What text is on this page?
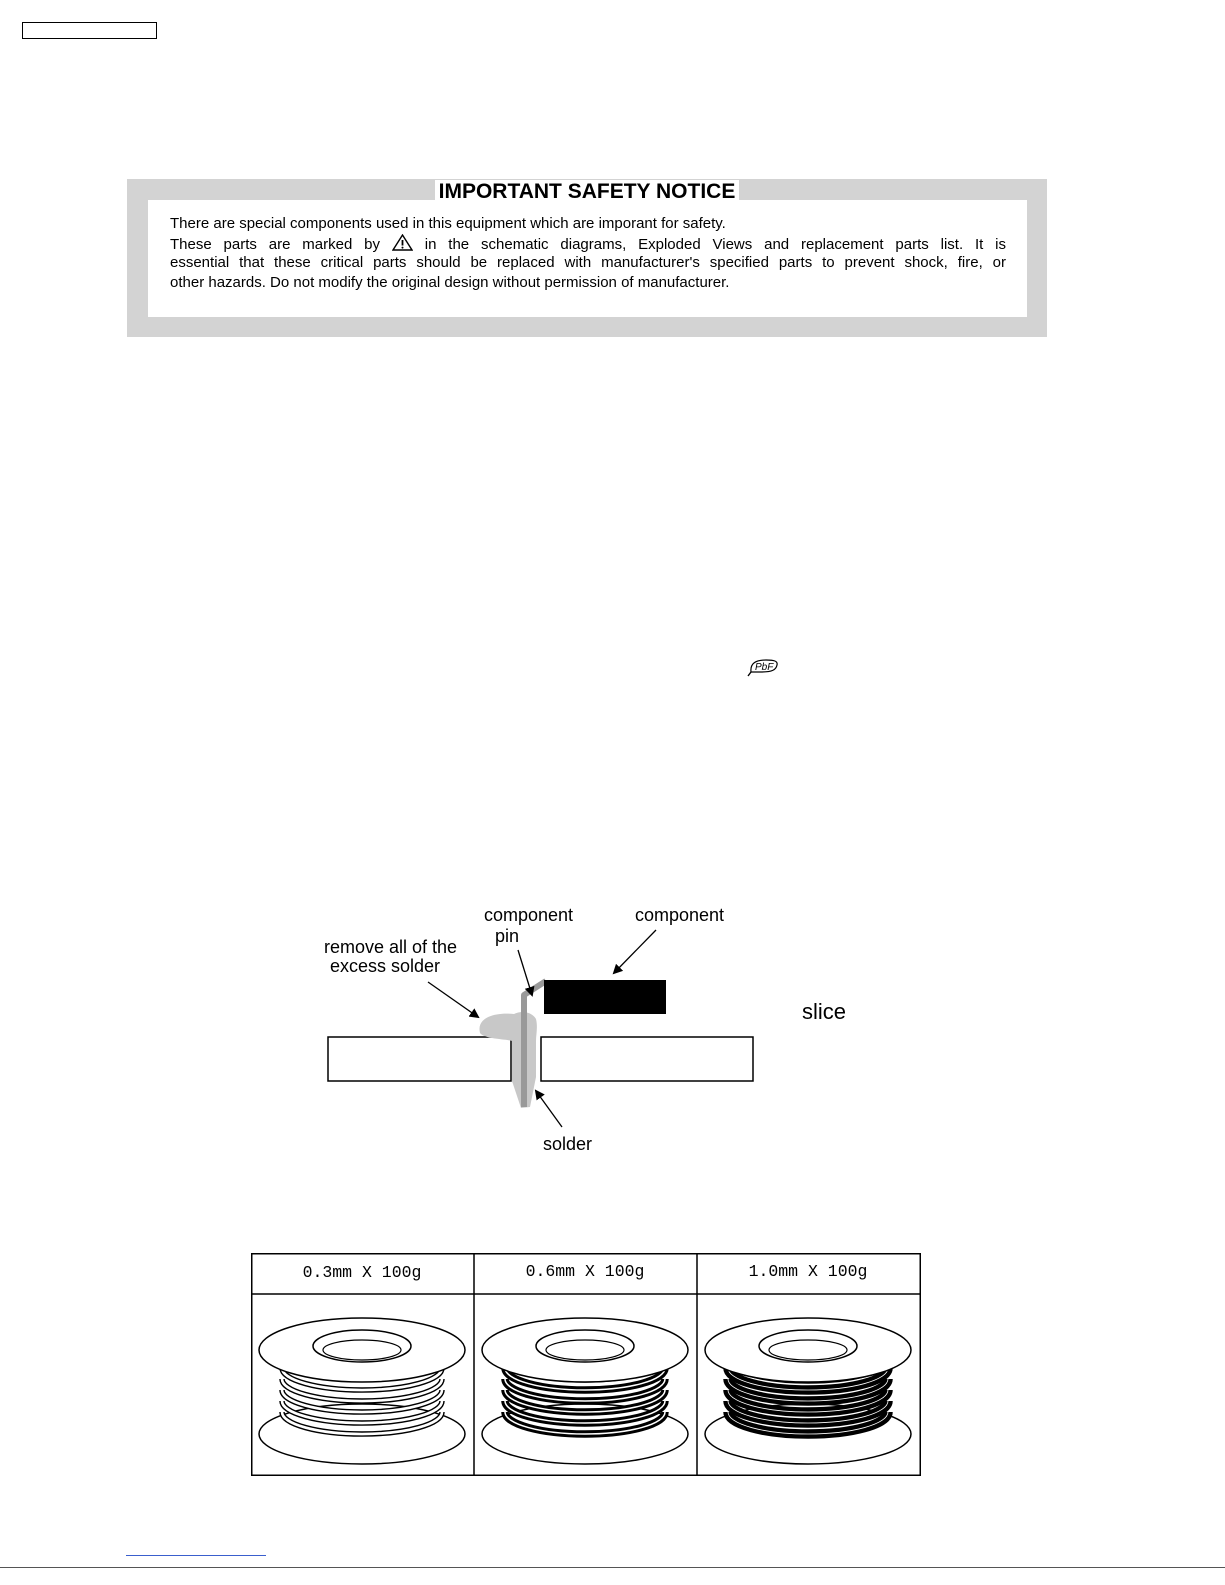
IMPORTANT SAFETY NOTICE
There are special components used in this equipment which are imporant for safety.
These parts are marked by	in the schematic diagrams, Exploded Views and replacement parts list. It is
essential that these critical parts should be replaced with manufacturer's specified parts to prevent shock, fire, or
other hazards. Do not modify the original design without permission of manufacturer.
PbF
component
pin
component
remove all of the
excess solder
solder
slice
0.3mm X 100g	0.6mm X 100g	1.0mm X 100g
